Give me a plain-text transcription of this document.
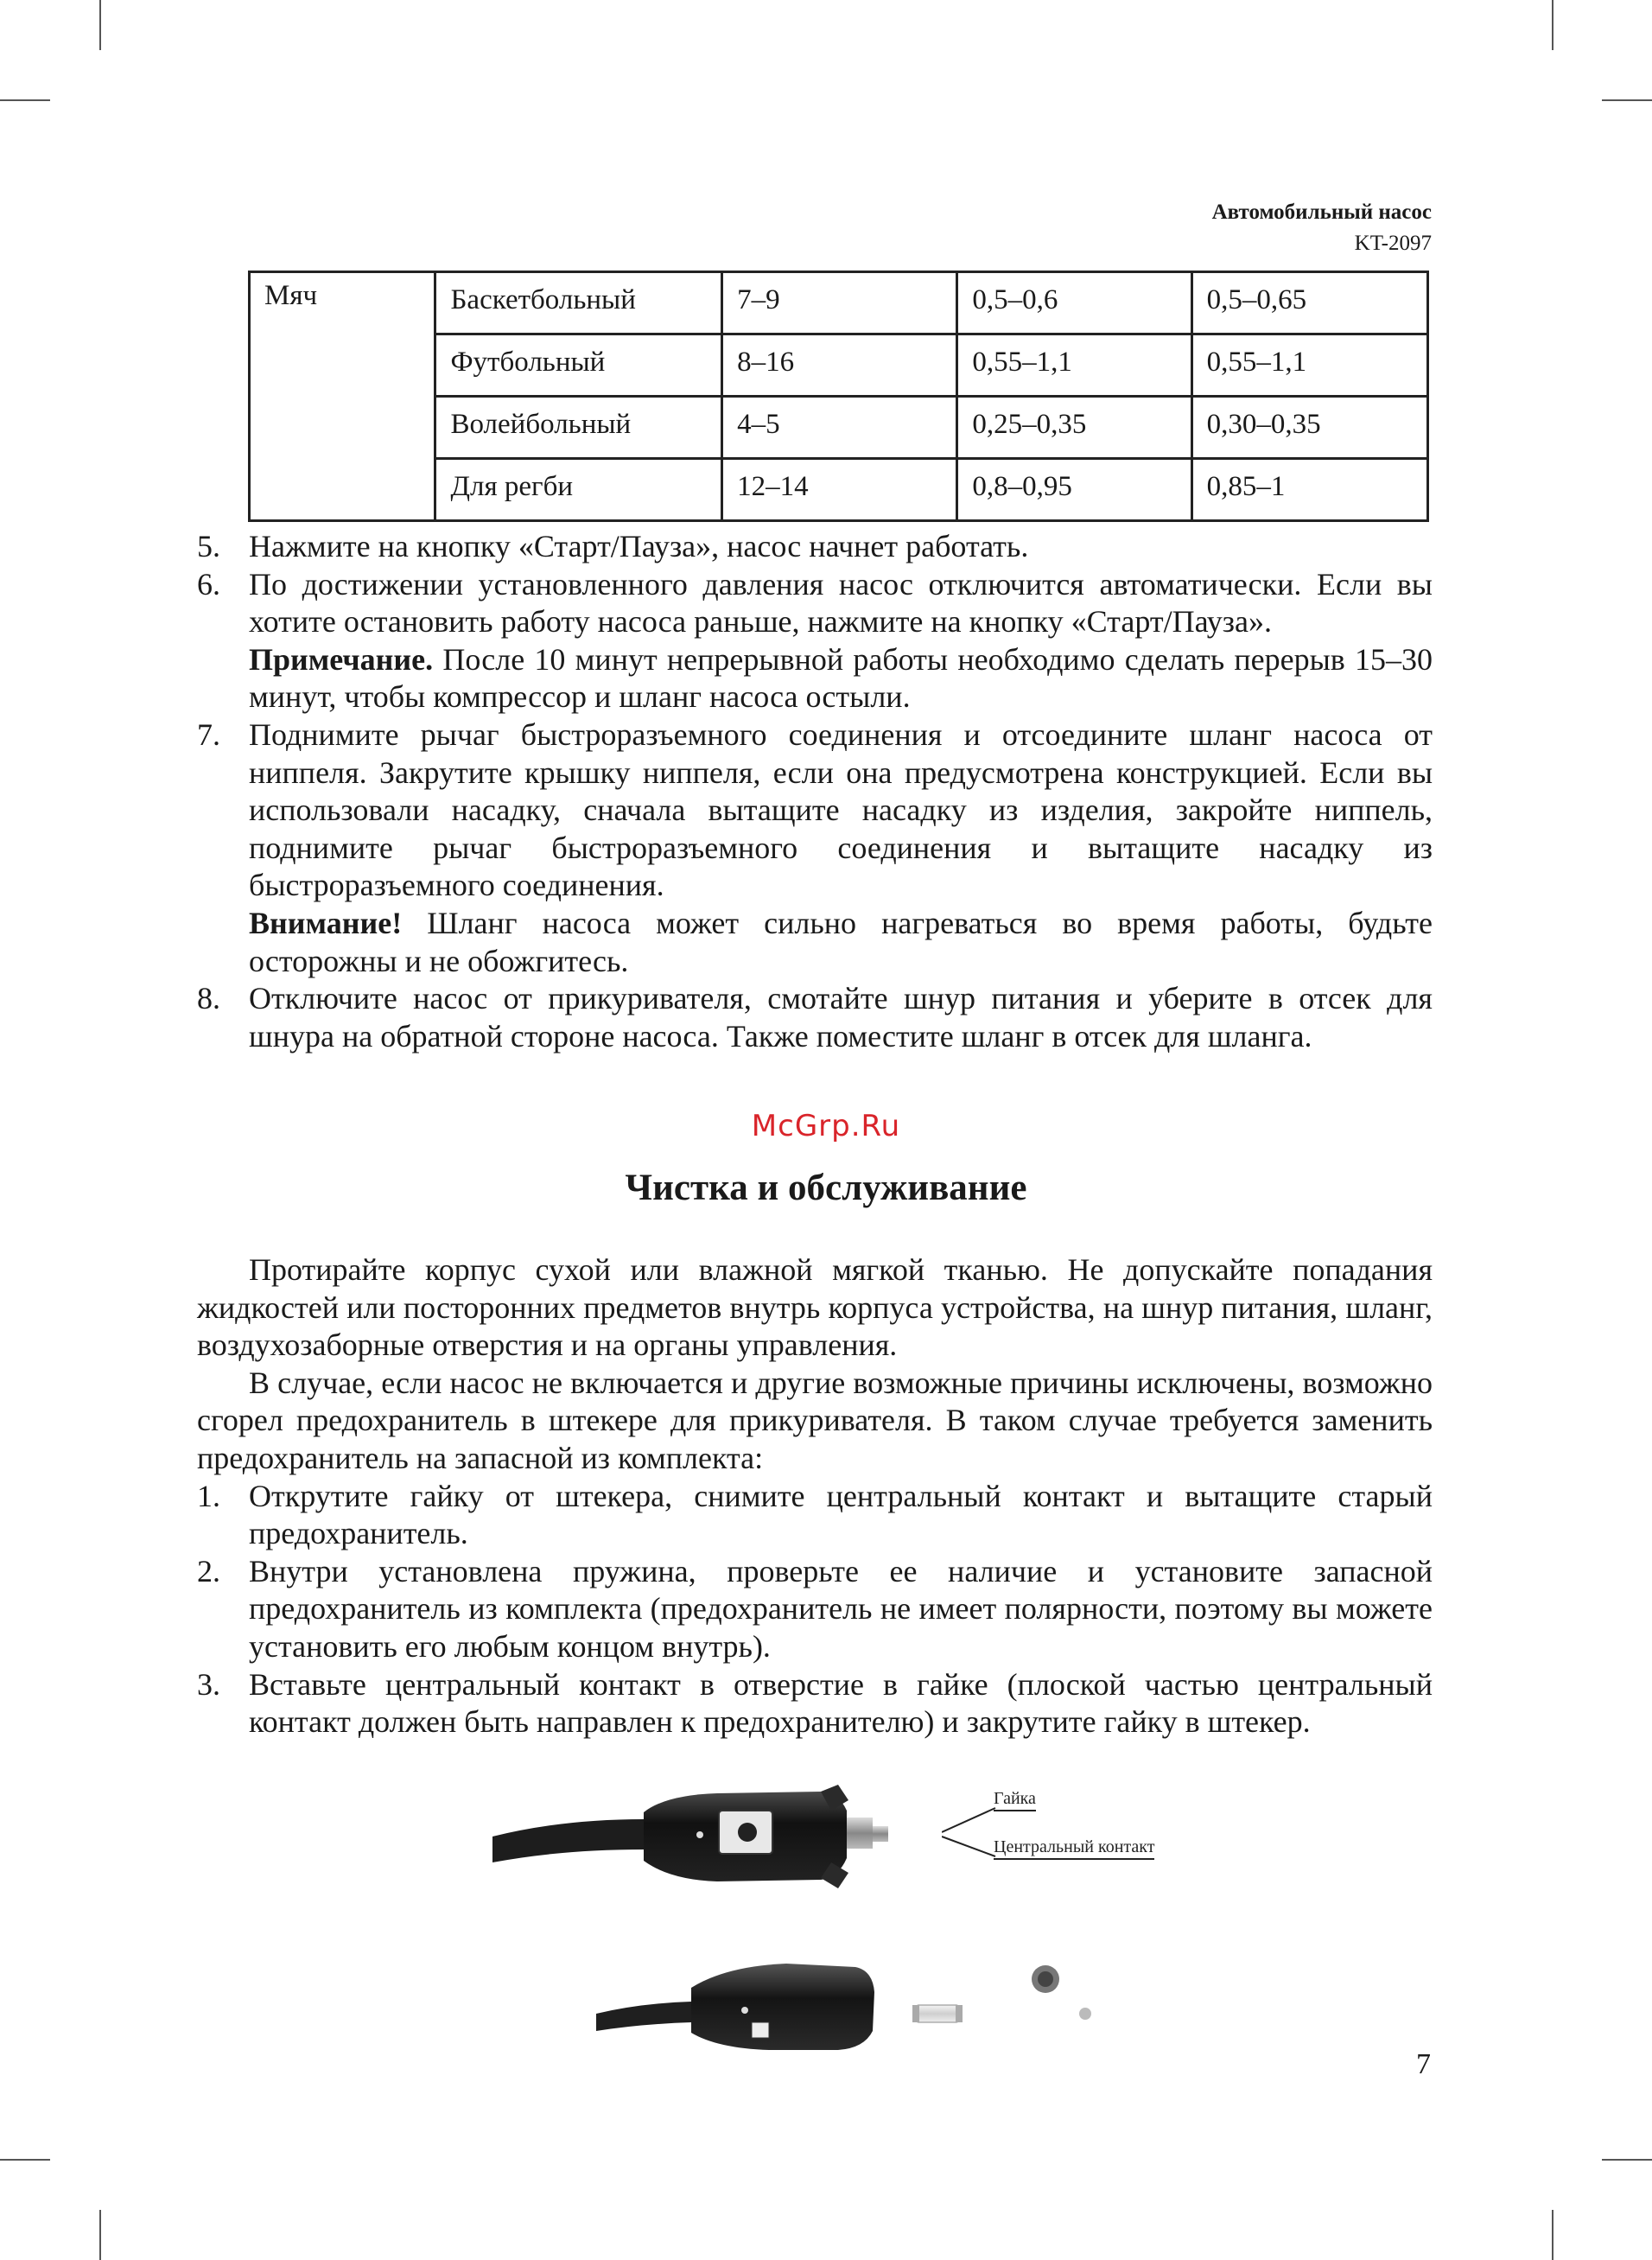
Автомобильный насос
KT-2097
Мяч	Баскетбольный	7–9	0,5–0,6	0,5–0,65
	Футбольный	8–16	0,55–1,1	0,55–1,1
	Волейбольный	4–5	0,25–0,35	0,30–0,35
	Для регби	12–14	0,8–0,95	0,85–1
5. Нажмите на кнопку «Старт/Пауза», насос начнет работать.

6. По достижении установленного давления насос отключится автоматически. Если вы хотите остановить работу насоса раньше, нажмите на кнопку «Старт/Пауза».

Примечание. После 10 минут непрерывной работы необходимо сделать перерыв 15–30 минут, чтобы компрессор и шланг насоса остыли.

7. Поднимите рычаг быстроразъемного соединения и отсоедините шланг насоса от ниппеля. Закрутите крышку ниппеля, если она предусмотрена конструкцией. Если вы использовали насадку, сначала вытащите насадку из изделия, закройте ниппель, поднимите рычаг быстроразъемного соединения и вытащите насадку из быстроразъемного соединения.

Внимание! Шланг насоса может сильно нагреваться во время работы, будьте осторожны и не обожгитесь.

8. Отключите насос от прикуривателя, смотайте шнур питания и уберите в отсек для шнура на обратной стороне насоса. Также поместите шланг в отсек для шланга.

McGrp.Ru
Чистка и обслуживание

Протирайте корпус сухой или влажной мягкой тканью. Не допускайте попадания жидкостей или посторонних предметов внутрь корпуса устройства, на шнур питания, шланг, воздухозаборные отверстия и на органы управления.

В случае, если насос не включается и другие возможные причины исключены, возможно сгорел предохранитель в штекере для прикуривателя. В таком случае требуется заменить предохранитель на запасной из комплекта:

1. Открутите гайку от штекера, снимите центральный контакт и вытащите старый предохранитель.

2. Внутри установлена пружина, проверьте ее наличие и установите запасной предохранитель из комплекта (предохранитель не имеет полярности, поэтому вы можете установить его любым концом внутрь).

3. Вставьте центральный контакт в отверстие в гайке (плоской частью центральный контакт должен быть направлен к предохранителю) и закрутите гайку в штекер.

Гайка
Центральный контакт
7
